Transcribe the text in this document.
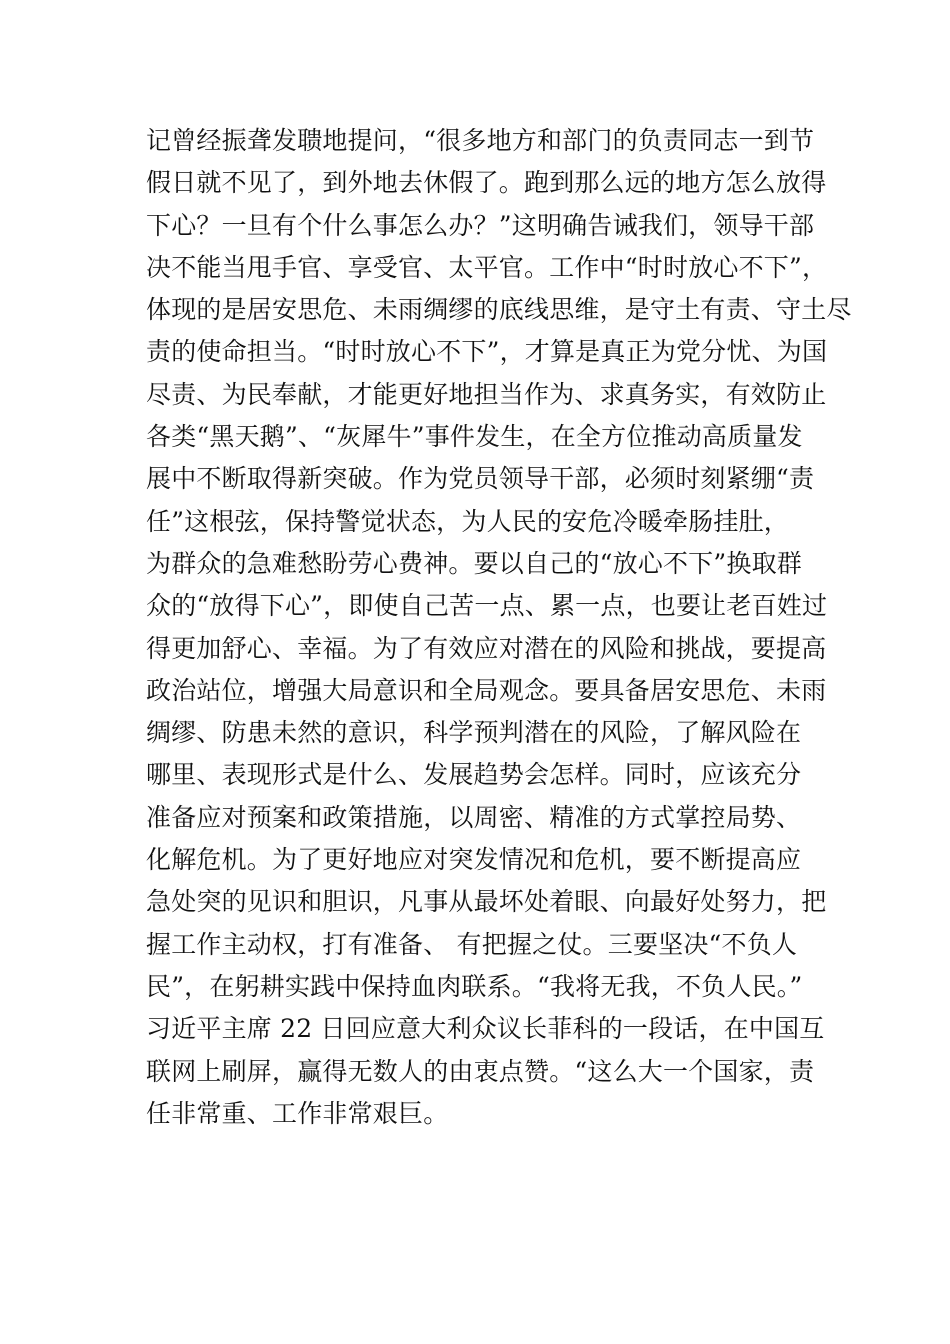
记曾经振聋发聩地提问，“很多地方和部门的负责同志一到节
假日就不见了，到外地去休假了。跑到那么远的地方怎么放得
下心？一旦有个什么事怎么办？”这明确告诫我们，领导干部
决不能当甩手官、享受官、太平官。工作中“时时放心不下”，
体现的是居安思危、未雨绸缪的底线思维，是守土有责、守土尽
责的使命担当。“时时放心不下”，才算是真正为党分忧、为国
尽责、为民奉献，才能更好地担当作为、求真务实，有效防止
各类“黑天鹅”、“灰犀牛”事件发生，在全方位推动高质量发
展中不断取得新突破。作为党员领导干部，必须时刻紧绷“责
任”这根弦，保持警觉状态，为人民的安危冷暖牵肠挂肚，
为群众的急难愁盼劳心费神。要以自己的“放心不下”换取群
众的“放得下心”，即使自己苦一点、累一点，也要让老百姓过
得更加舒心、幸福。为了有效应对潜在的风险和挑战，要提高
政治站位，增强大局意识和全局观念。要具备居安思危、未雨
绸缪、防患未然的意识，科学预判潜在的风险，了解风险在
哪里、表现形式是什么、发展趋势会怎样。同时，应该充分
准备应对预案和政策措施，以周密、精准的方式掌控局势、
化解危机。为了更好地应对突发情况和危机，要不断提高应
急处突的见识和胆识，凡事从最坏处着眼、向最好处努力，把
握工作主动权，打有准备、 有把握之仗。三要坚决“不负人
民”，在躬耕实践中保持血肉联系。“我将无我，不负人民。”
习近平主席 22 日回应意大利众议长菲科的一段话，在中国互
联网上刷屏，赢得无数人的由衷点赞。“这么大一个国家，责
任非常重、工作非常艰巨。
